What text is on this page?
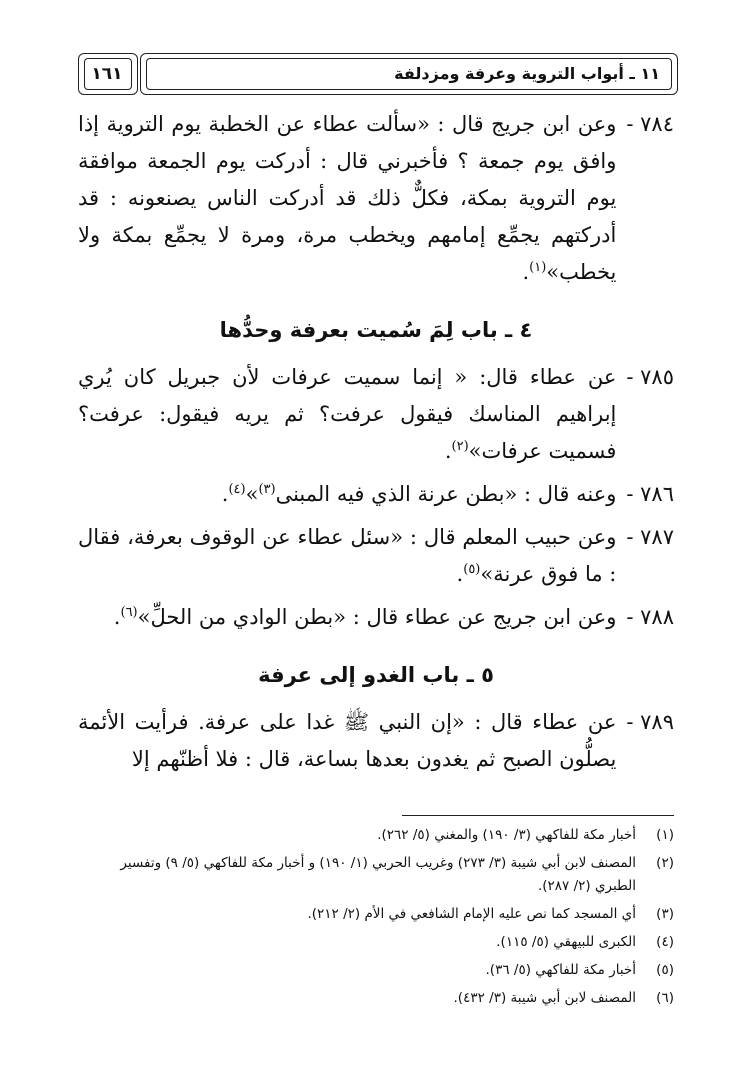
١١ ـ أبواب التروية وعرفة ومزدلفة
١٦١
٧٨٤ -
وعن ابن جريج قال : «سألت عطاء عن الخطبة يوم التروية إذا وافق يوم جمعة ؟ فأخبرني قال : أدركت يوم الجمعة موافقة يوم التروية بمكة، فكلٌّ ذلك قد أدركت الناس يصنعونه : قد أدركتهم يجمِّع إمامهم ويخطب مرة، ومرة لا يجمِّع بمكة ولا يخطب»$^{(١)}$.
٤ ـ باب لِمَ سُميت بعرفة وحدُّها
٧٨٥ -
عن عطاء قال: « إنما سميت عرفات لأن جبريل كان يُري إبراهيم المناسك فيقول عرفت؟ ثم يريه فيقول: عرفت؟ فسميت عرفات»$^{(٢)}$.
٧٨٦ -
وعنه قال : «بطن عرنة الذي فيه المبنى$^{(٣)}$»$^{(٤)}$.
٧٨٧ -
وعن حبيب المعلم قال : «سئل عطاء عن الوقوف بعرفة، فقال : ما فوق عرنة»$^{(٥)}$.
٧٨٨ -
وعن ابن جريج عن عطاء قال : «بطن الوادي من الحلِّ»$^{(٦)}$.
٥ ـ باب الغدو إلى عرفة
٧٨٩ -
عن عطاء قال : «إن النبي ﷺ غدا على عرفة. فرأيت الأئمة يصلُّون الصبح ثم يغدون بعدها بساعة، قال : فلا أظنّهم إلا
(١)
أخبار مكة للفاكهي (٣/ ١٩٠) والمغني (٥/ ٢٦٢).
(٢)
المصنف لابن أبي شيبة (٣/ ٢٧٣) وغريب الحربي (١/ ١٩٠) و أخبار مكة للفاكهي (٥/ ٩) وتفسير الطبري (٢/ ٢٨٧).
(٣)
أي المسجد كما نص عليه الإمام الشافعي في الأم (٢/ ٢١٢).
(٤)
الكبرى للبيهقي (٥/ ١١٥).
(٥)
أخبار مكة للفاكهي (٥/ ٣٦).
(٦)
المصنف لابن أبي شيبة (٣/ ٤٣٢).
